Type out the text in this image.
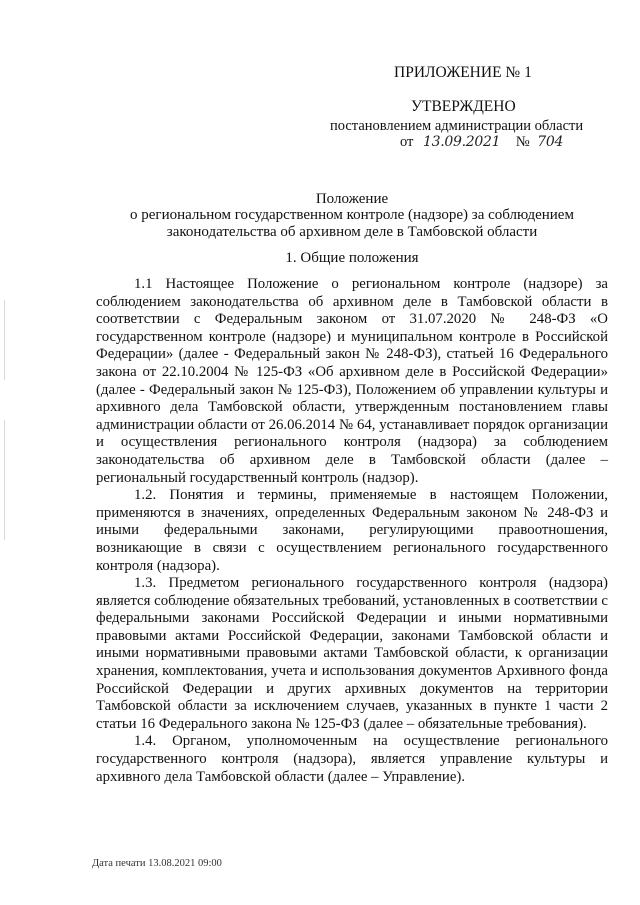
ПРИЛОЖЕНИЕ № 1
УТВЕРЖДЕНО
постановлением администрации области
от 13.09.2021 № 704
Положение
о региональном государственном контроле (надзоре) за соблюдением
законодательства об архивном деле в Тамбовской области
1. Общие положения

1.1 Настоящее Положение о региональном контроле (надзоре) за соблюдением законодательства об архивном деле в Тамбовской области в соответствии с Федеральным законом от 31.07.2020 № 248-ФЗ «О государственном контроле (надзоре) и муниципальном контроле в Российской Федерации» (далее - Федеральный закон № 248-ФЗ), статьей 16 Федерального закона от 22.10.2004 № 125-ФЗ «Об архивном деле в Российской Федерации» (далее - Федеральный закон № 125-ФЗ), Положением об управлении культуры и архивного дела Тамбовской области, утвержденным постановлением главы администрации области от 26.06.2014 № 64, устанавливает порядок организации и осуществления регионального контроля (надзора) за соблюдением законодательства об архивном деле в Тамбовской области (далее – региональный государственный контроль (надзор).

1.2. Понятия и термины, применяемые в настоящем Положении, применяются в значениях, определенных Федеральным законом № 248-ФЗ и иными федеральными законами, регулирующими правоотношения, возникающие в связи с осуществлением регионального государственного контроля (надзора).

1.3. Предметом регионального государственного контроля (надзора) является соблюдение обязательных требований, установленных в соответствии с федеральными законами Российской Федерации и иными нормативными правовыми актами Российской Федерации, законами Тамбовской области и иными нормативными правовыми актами Тамбовской области, к организации хранения, комплектования, учета и использования документов Архивного фонда Российской Федерации и других архивных документов на территории Тамбовской области за исключением случаев, указанных в пункте 1 части 2 статьи 16 Федерального закона № 125-ФЗ (далее – обязательные требования).

1.4. Органом, уполномоченным на осуществление регионального государственного контроля (надзора), является управление культуры и архивного дела Тамбовской области (далее – Управление).

Дата печати 13.08.2021 09:00
